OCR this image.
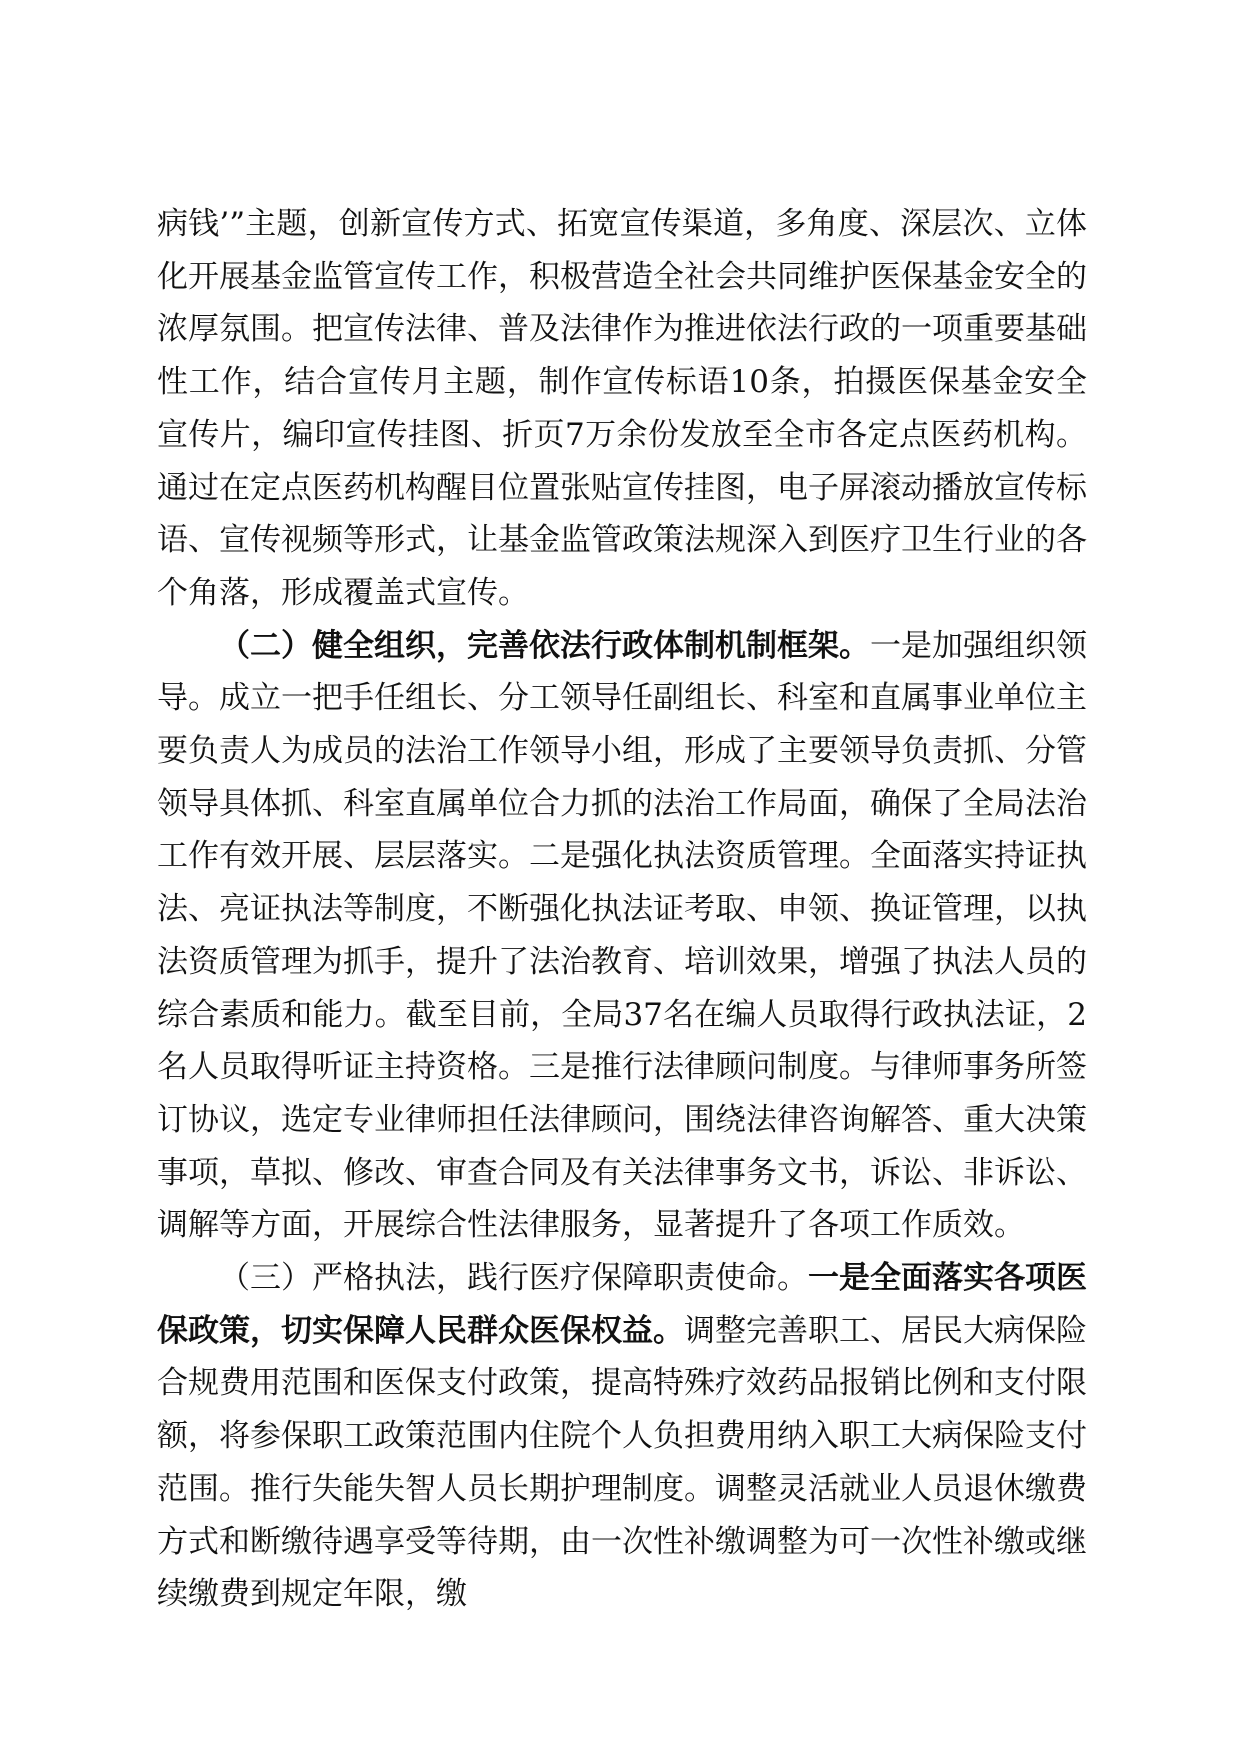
病钱’”主题，创新宣传方式、拓宽宣传渠道，多角度、深层次、立体化开展基金监管宣传工作，积极营造全社会共同维护医保基金安全的浓厚氛围。把宣传法律、普及法律作为推进依法行政的一项重要基础性工作，结合宣传月主题，制作宣传标语10条，拍摄医保基金安全宣传片，编印宣传挂图、折页7万余份发放至全市各定点医药机构。通过在定点医药机构醒目位置张贴宣传挂图，电子屏滚动播放宣传标语、宣传视频等形式，让基金监管政策法规深入到医疗卫生行业的各个角落，形成覆盖式宣传。

（二）健全组织，完善依法行政体制机制框架。一是加强组织领导。成立一把手任组长、分工领导任副组长、科室和直属事业单位主要负责人为成员的法治工作领导小组，形成了主要领导负责抓、分管领导具体抓、科室直属单位合力抓的法治工作局面，确保了全局法治工作有效开展、层层落实。二是强化执法资质管理。全面落实持证执法、亮证执法等制度，不断强化执法证考取、申领、换证管理，以执法资质管理为抓手，提升了法治教育、培训效果，增强了执法人员的综合素质和能力。截至目前，全局37名在编人员取得行政执法证，2名人员取得听证主持资格。三是推行法律顾问制度。与律师事务所签订协议，选定专业律师担任法律顾问，围绕法律咨询解答、重大决策事项，草拟、修改、审查合同及有关法律事务文书，诉讼、非诉讼、调解等方面，开展综合性法律服务，显著提升了各项工作质效。

（三）严格执法，践行医疗保障职责使命。一是全面落实各项医保政策，切实保障人民群众医保权益。调整完善职工、居民大病保险合规费用范围和医保支付政策，提高特殊疗效药品报销比例和支付限额，将参保职工政策范围内住院个人负担费用纳入职工大病保险支付范围。推行失能失智人员长期护理制度。调整灵活就业人员退休缴费方式和断缴待遇享受等待期，由一次性补缴调整为可一次性补缴或继续缴费到规定年限，缴
